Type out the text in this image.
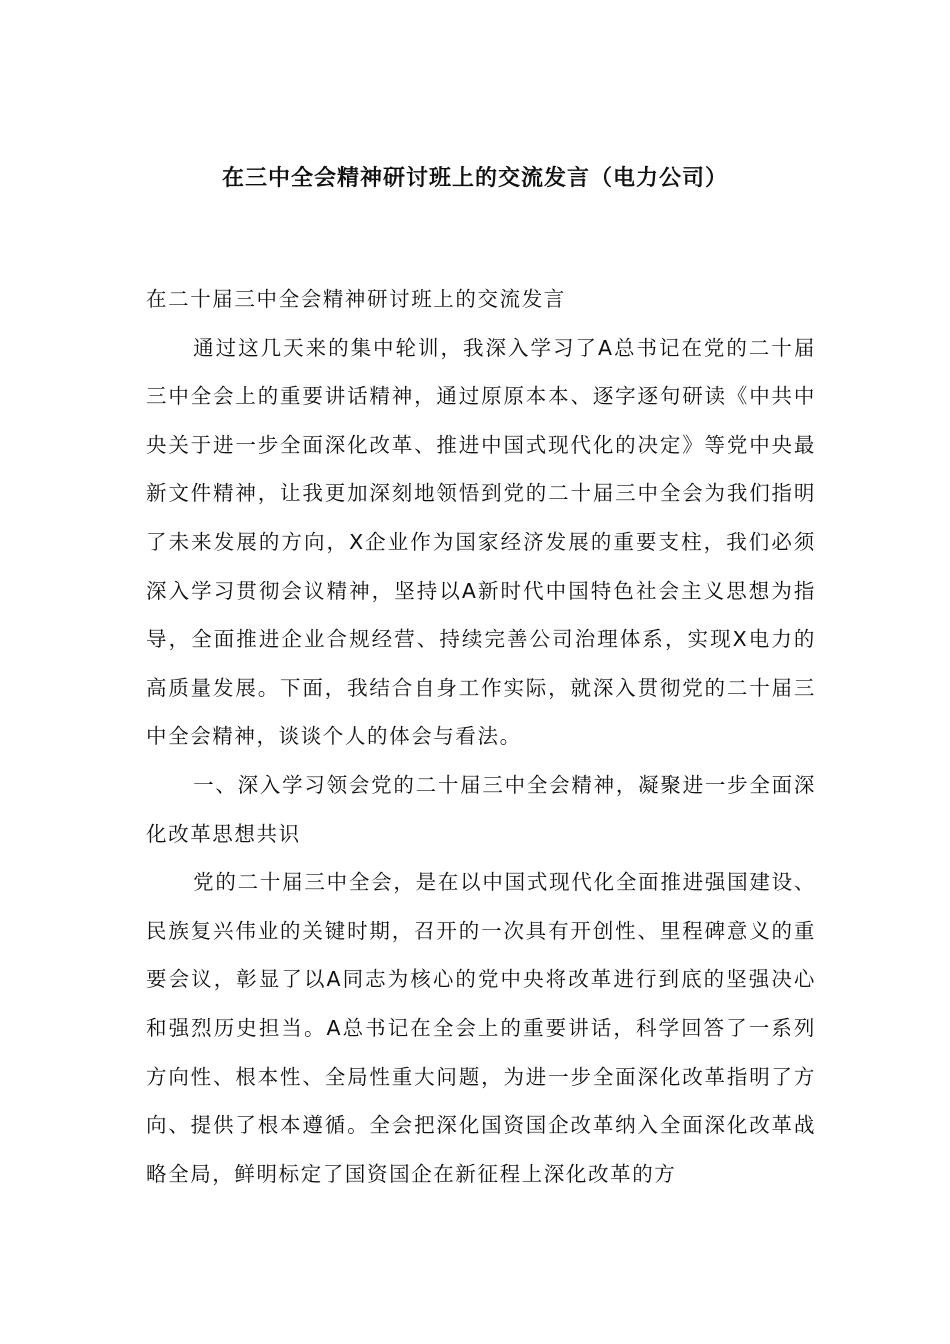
在三中全会精神研讨班上的交流发言（电力公司）

在二十届三中全会精神研讨班上的交流发言

通过这几天来的集中轮训，我深入学习了A总书记在党的二十届三中全会上的重要讲话精神，通过原原本本、逐字逐句研读《中共中央关于进一步全面深化改革、推进中国式现代化的决定》等党中央最新文件精神，让我更加深刻地领悟到党的二十届三中全会为我们指明了未来发展的方向，X企业作为国家经济发展的重要支柱，我们必须深入学习贯彻会议精神，坚持以A新时代中国特色社会主义思想为指导，全面推进企业合规经营、持续完善公司治理体系，实现X电力的高质量发展。下面，我结合自身工作实际，就深入贯彻党的二十届三中全会精神，谈谈个人的体会与看法。

一、深入学习领会党的二十届三中全会精神，凝聚进一步全面深化改革思想共识

党的二十届三中全会，是在以中国式现代化全面推进强国建设、民族复兴伟业的关键时期，召开的一次具有开创性、里程碑意义的重要会议，彰显了以A同志为核心的党中央将改革进行到底的坚强决心和强烈历史担当。A总书记在全会上的重要讲话，科学回答了一系列方向性、根本性、全局性重大问题，为进一步全面深化改革指明了方向、提供了根本遵循。全会把深化国资国企改革纳入全面深化改革战略全局，鲜明标定了国资国企在新征程上深化改革的方
